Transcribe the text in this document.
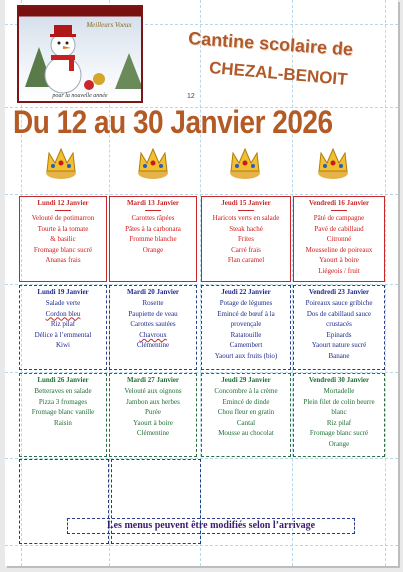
Meilleurs Voeux
pour la nouvelle année	12
Cantine scolaire de
CHEZAL-BENOIT
Du 12 au 30 Janvier 2026
Lundi 12 Janvier
Velouté de potimarron
Tourte à la tomate
& basilic
Fromage blanc sucré
Ananas frais
Mardi 13 Janvier
Carottes râpées
Pâtes à la carbonara
Fromme blanche
Orange
Jeudi 15 Janvier
Haricots verts en salade
Steak haché
Frites
Carré frais
Flan caramel
Vendredi 16 Janvier
Pâté de campagne
Pavé de cabillaud
Citronné
Mousseline de poireaux
Yaourt à boire
Liégeois / fruit
Lundi 19 Janvier
Salade verte
Cordon bleu
Riz pilaf
Délice à l’emmental
Kiwi
Mardi 20 Janvier
Rosette
Paupiette de veau
Carottes sautées
Chavroux
Clémentine
Jeudi 22 Janvier
Potage de légumes
Emincé de bœuf à la
provençale
Ratatouille
Camembert
Yaourt aux fruits (bio)
Vendredi 23 Janvier
Poireaux sauce gribiche
Dos de cabillaud sauce
crustacés
Epinards
Yaourt nature sucré
Banane
Lundi 26 Janvier
Betteraves en salade
Pizza 3 fromages
Fromage blanc vanille
Raisin
Mardi 27 Janvier
Velouté aux oignons
Jambon aux herbes
Purée
Yaourt à boire
Clémentine
Jeudi 29 Janvier
Concombre à la crème
Emincé de dinde
Chou fleur en gratin
Cantal
Mousse au chocolat
Vendredi 30 Janvier
Mortadelle
Plein filet de colin beurre
blanc
Riz pilaf
Fromage blanc sucré
Orange
Les menus peuvent être modifiés selon l’arrivage
